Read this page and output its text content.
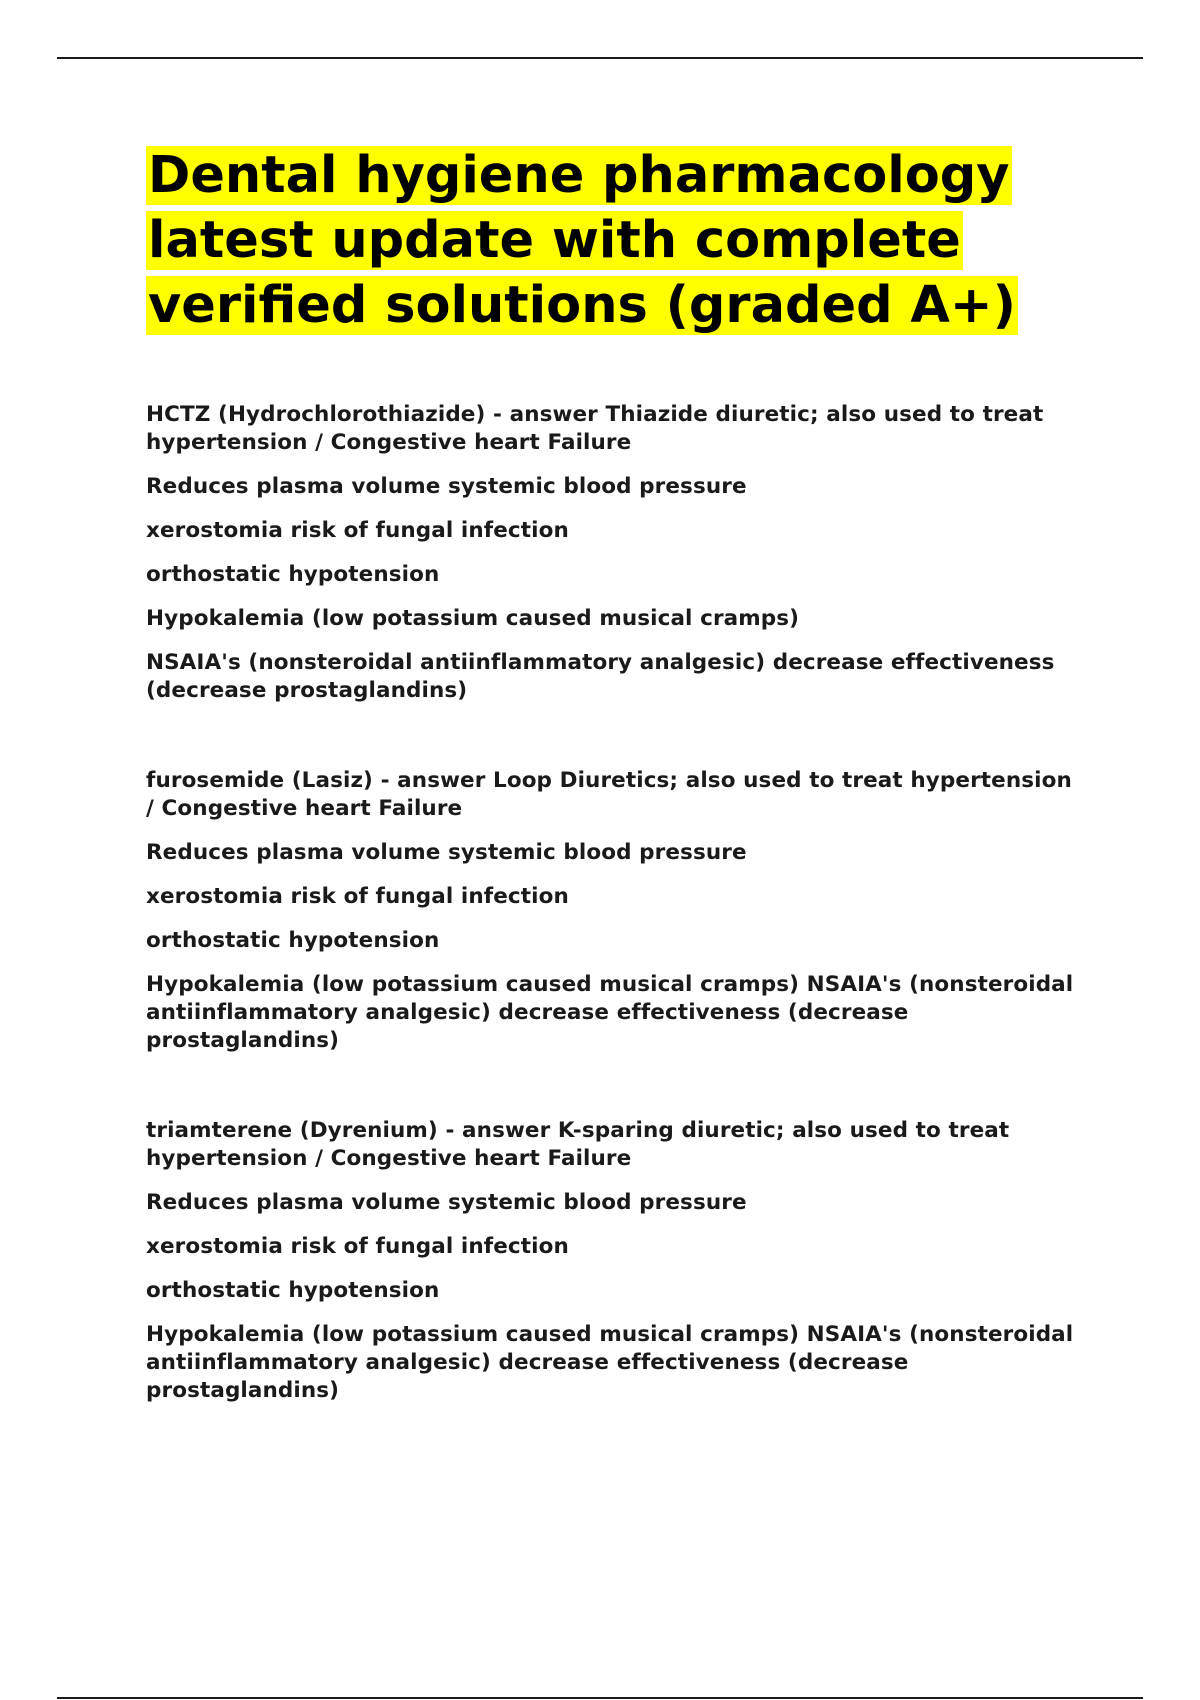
Dental hygiene pharmacology latest update with complete verified solutions (graded A+)

HCTZ (Hydrochlorothiazide) - answer Thiazide diuretic; also used to treat hypertension / Congestive heart Failure

Reduces plasma volume systemic blood pressure

xerostomia risk of fungal infection

orthostatic hypotension

Hypokalemia (low potassium caused musical cramps)

NSAIA's (nonsteroidal antiinflammatory analgesic) decrease effectiveness (decrease prostaglandins)

furosemide (Lasiz) - answer Loop Diuretics; also used to treat hypertension / Congestive heart Failure

Reduces plasma volume systemic blood pressure

xerostomia risk of fungal infection

orthostatic hypotension

Hypokalemia (low potassium caused musical cramps) NSAIA's (nonsteroidal antiinflammatory analgesic) decrease effectiveness (decrease prostaglandins)

triamterene (Dyrenium) - answer K-sparing diuretic; also used to treat hypertension / Congestive heart Failure

Reduces plasma volume systemic blood pressure

xerostomia risk of fungal infection

orthostatic hypotension

Hypokalemia (low potassium caused musical cramps) NSAIA's (nonsteroidal antiinflammatory analgesic) decrease effectiveness (decrease prostaglandins)
